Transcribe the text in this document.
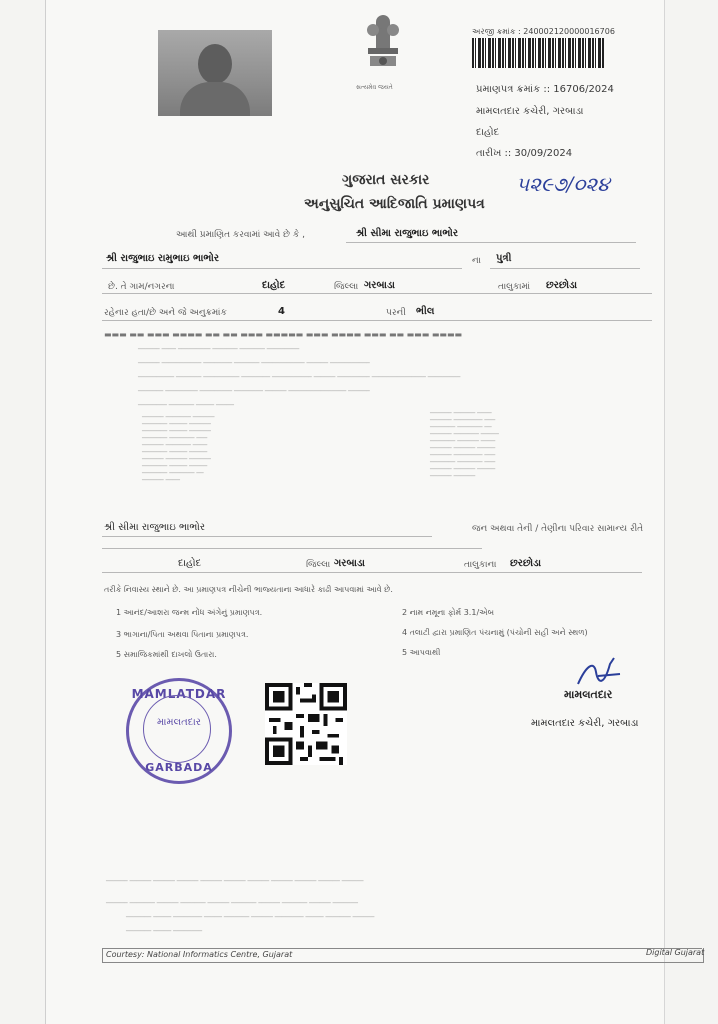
સત્યમેવ જયતે
અરજી ક્રમાંક : 240002120000016706
પ્રમાણપત્ર ક્રમાંક :: 16706/2024
મામલતદાર કચેરી, ગરબાડા
દાહોદ
તારીખ :: 30/09/2024
ગુજરાત સરકાર
અનુસુચિત આદિજાતિ પ્રમાણપત્ર
૫૨૯૭/૦૨૪
આથી પ્રમાણિત કરવામાં આવે છે કે ,	શ્રી સીમા રાજુભાઇ ભાભોર
શ્રી રાજુભાઇ રામુભાઇ ભાભોર	ના પુત્રી
છે. તે ગામ/નગરના	દાહોદ	જિલ્લા ગરબાડા	તાલુકામાં છરછોડા
રહેનાર હતા/છે અને જે અનુક્રમાંક	4	પરની ભીલ
▬▬▬ ▬▬ ▬▬▬ ▬▬▬▬ ▬▬ ▬▬ ▬▬▬ ▬▬▬▬▬ ▬▬▬ ▬▬▬▬ ▬▬▬ ▬▬ ▬▬▬ ▬▬▬▬
────── ──── ───────── ─────── ─────── ─────────
────── ─────────── ──────── ─────── ──────────── ────── ───────────
────────── ─────── ────────── ──────── ─────────── ────── ───────── ─────────────── ─────────
─────── ───────── ───────── ──────── ────── ──────────────── ──────
──────── ─────── ───── ─────
────── ─────── ──────
─────── ───── ──────
─────── ───── ──────
─────── ─────── ───
────── ─────── ────
─────── ───── ─────
────── ────── ──────
─────── ───── ─────
─────── ─────── ──
────── ────
────── ────── ────
────── ──────── ───
─────── ─────── ──
────── ─────── ─────
─────── ────── ────
────── ────── ─────
────── ──────── ───
─────── ─────── ───
────── ────── ─────
────── ──────
શ્રી સીમા રાજુભાઇ ભાભોર	જન અથવા તેની / તેણીના પરિવાર સામાન્ય રીતે
દાહોદ	જિલ્લા ગરબાડા	તાલુકાના છરછોડા
તરીકે નિવાસ્ય સ્થાને છે. આ પ્રમાણપત્ર નીચેની ભાજ્યતાના આધારે કાઢી આપવામાં આવે છે.
1 આનંદ/આશરા જન્મ નોંધ અંગેનું પ્રમાણપત્ર.	2 નામ નમૂના ફોર્મ 3.1/એબ
3 ભાગાના/પિતા અથવા પિતાના પ્રમાણપત્ર.	4 તલાટી દ્વારા પ્રમાણિત પંચનામું (પંચોની સહી અને સ્થળ)
5 સમાજિકમાંથી દાખલો ઉતારા.	5 આપવાથી
MAMLATDAR
મામલતદાર
GARBADA
મામલતદાર
મામલતદાર કચેરી, ગરબાડા
────── ────── ────── ────── ────── ────── ────── ────── ────── ────── ──────
────── ─────── ────── ─────── ────── ─────── ────── ─────── ────── ───────
─────── ───── ──────── ───── ─────── ────── ──────── ───── ─────── ──────
─────── ───── ────────
Courtesy: National Informatics Centre, Gujarat	Digital Gujarat
